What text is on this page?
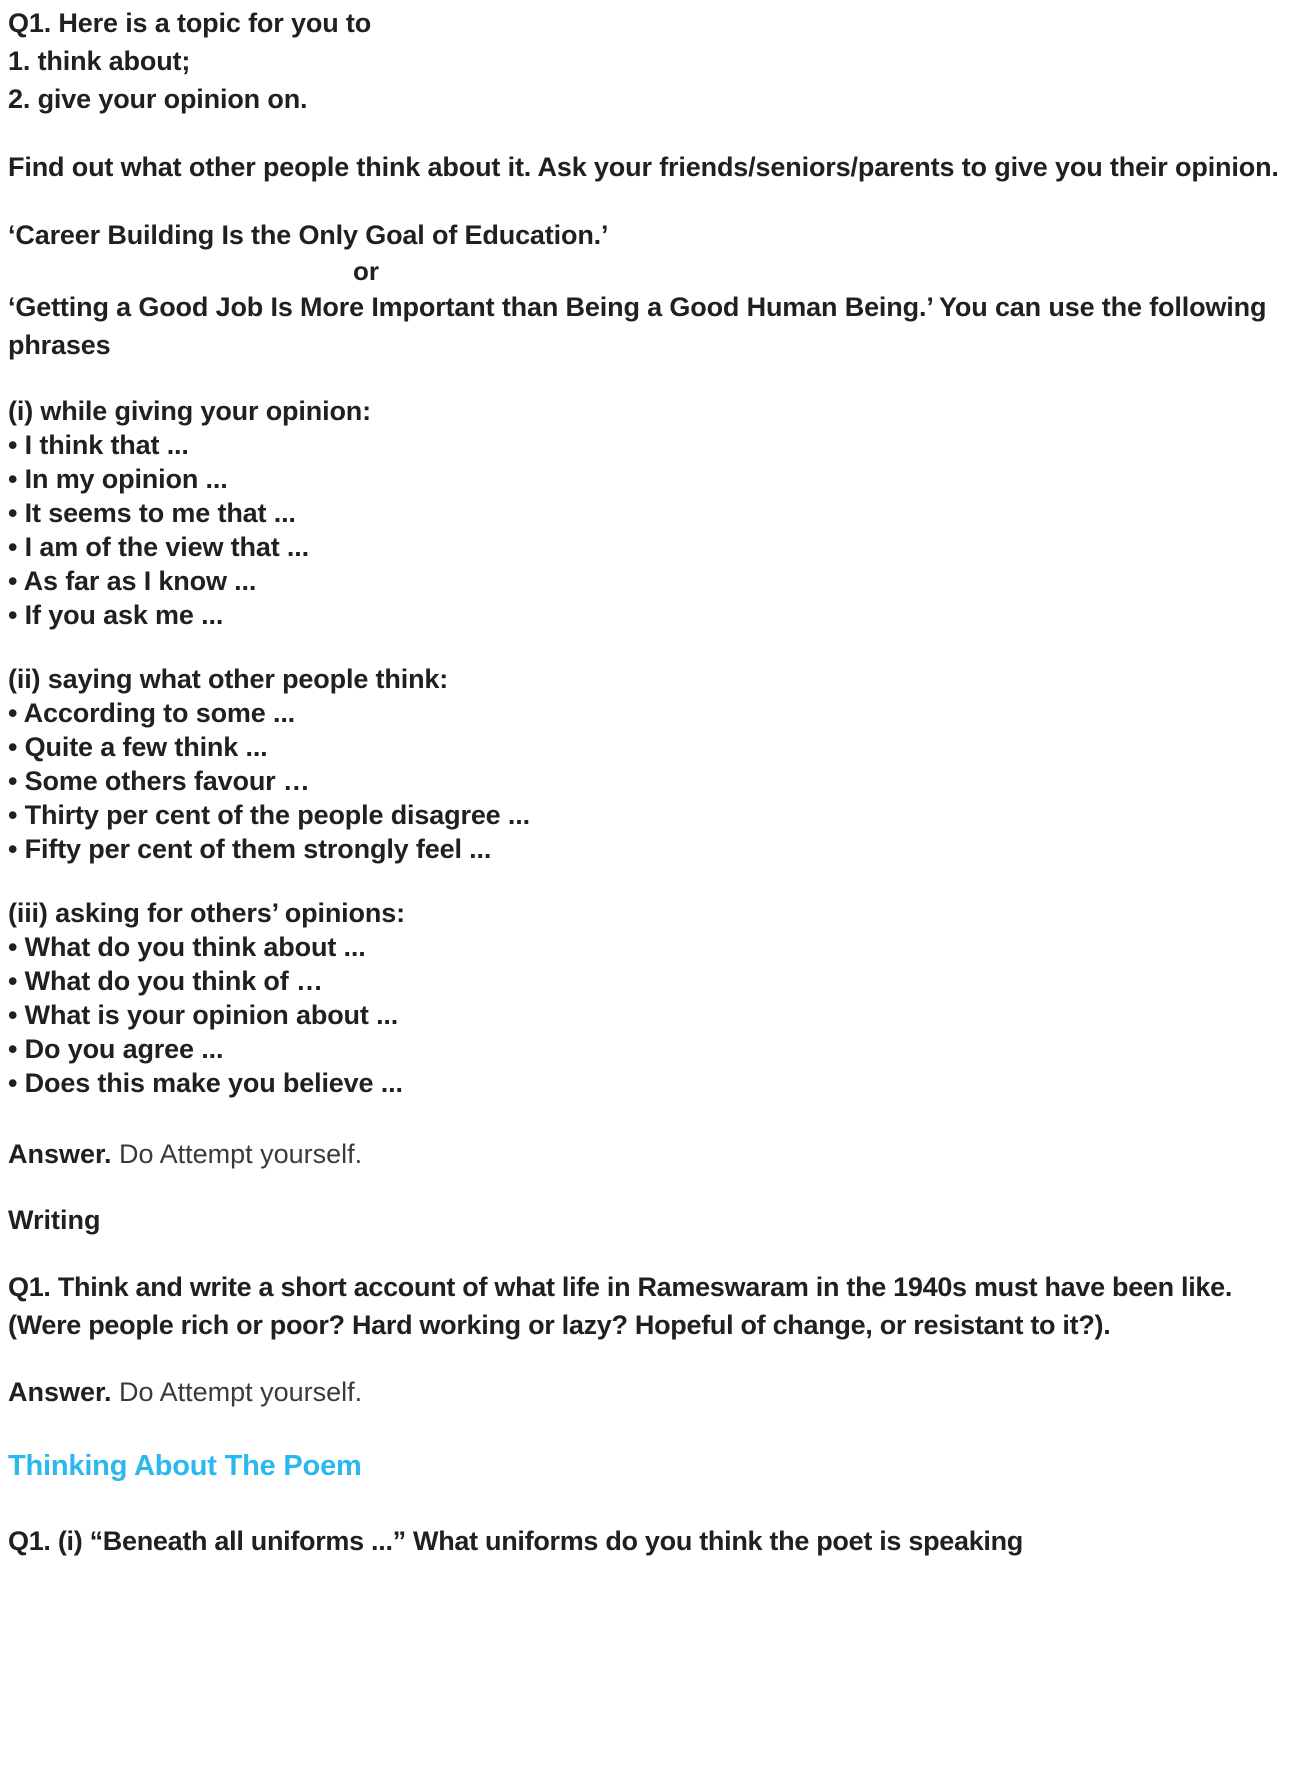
Q1. Here is a topic for you to
1. think about;
2. give your opinion on.
Find out what other people think about it. Ask your friends/seniors/parents to give you their opinion.
‘Career Building Is the Only Goal of Education.’
or
‘Getting a Good Job Is More Important than Being a Good Human Being.’ You can use the following phrases
(i) while giving your opinion:
• I think that ...
• In my opinion ...
• It seems to me that ...
• I am of the view that ...
• As far as I know ...
• If you ask me ...
(ii) saying what other people think:
• According to some ...
• Quite a few think ...
• Some others favour …
• Thirty per cent of the people disagree ...
• Fifty per cent of them strongly feel ...
(iii) asking for others’ opinions:
• What do you think about ...
• What do you think of …
• What is your opinion about ...
• Do you agree ...
• Does this make you believe ...
Answer. Do Attempt yourself.
Writing
Q1. Think and write a short account of what life in Rameswaram in the 1940s must have been like. (Were people rich or poor? Hard working or lazy? Hopeful of change, or resistant to it?).
Answer. Do Attempt yourself.
Thinking About The Poem
Q1. (i) “Beneath all uniforms ...” What uniforms do you think the poet is speaking
